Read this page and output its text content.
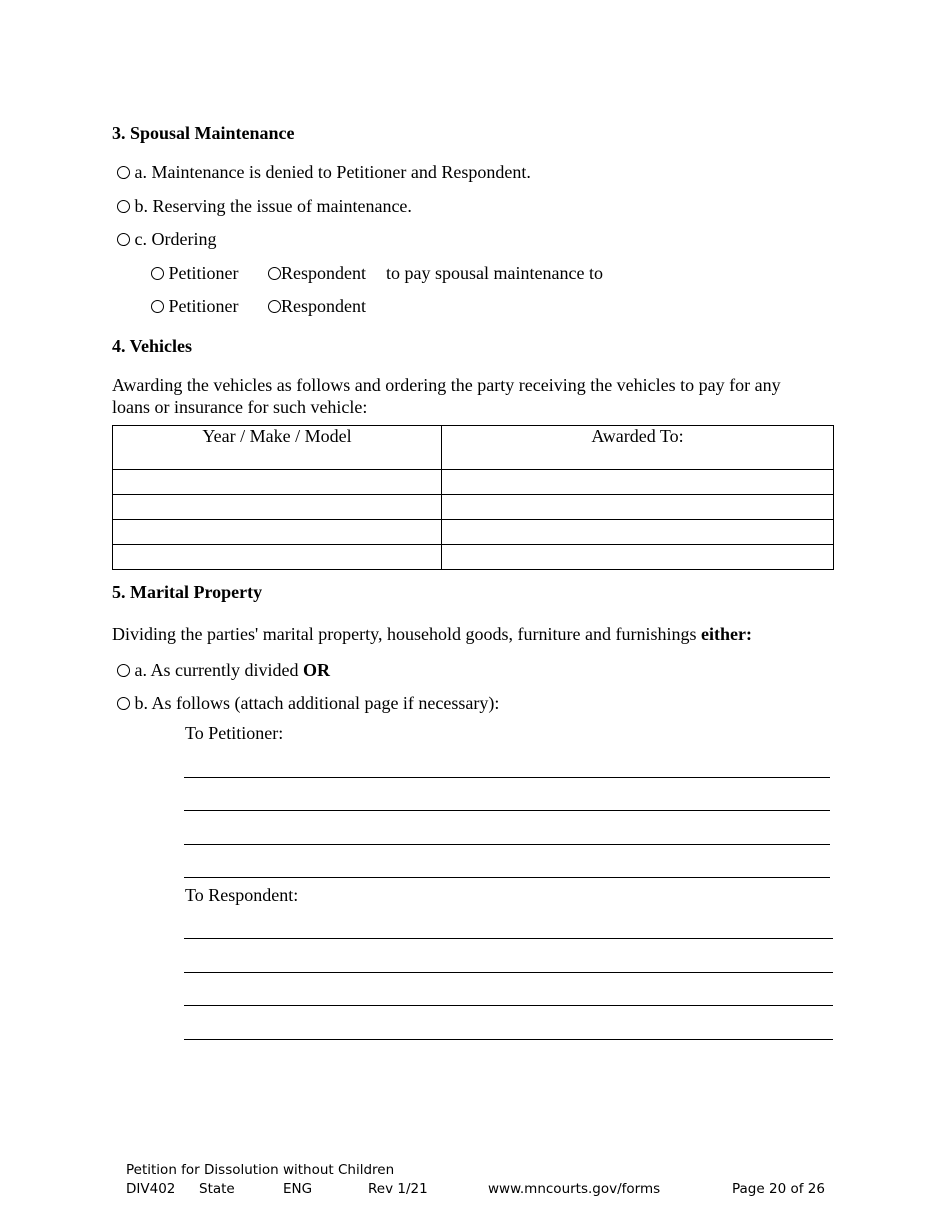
3. Spousal Maintenance
a. Maintenance is denied to Petitioner and Respondent.
b. Reserving the issue of maintenance.
c. Ordering
Petitioner	Respondent to pay spousal maintenance to
Petitioner	Respondent
4. Vehicles
Awarding the vehicles as follows and ordering the party receiving the vehicles to pay for any
loans or insurance for such vehicle:
Year / Make / Model	Awarded To:

5. Marital Property
Dividing the parties' marital property, household goods, furniture and furnishings either:
a. As currently divided OR
b. As follows (attach additional page if necessary):
To Petitioner:
To Respondent:
Petition for Dissolution without Children
DIV402 State	ENG	Rev 1/21	www.mncourts.gov/forms	Page 20 of 26
